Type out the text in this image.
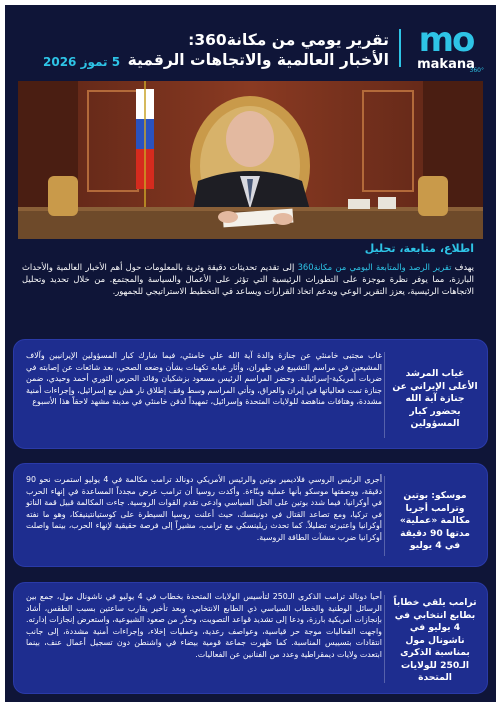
mo
makana
360°
تقرير يومي من مكانة360:
الأخبار العالمية والاتجاهات الرقمية
5 تموز 2026
اطلاع، متابعة، تحليل

يهدف تقرير الرصد والمتابعة اليومي من مكانة360 إلى تقديم تحديثات دقيقة وثرية بالمعلومات حول أهم الأخبار العالمية والأحداث البارزة، مما يوفر نظرة موجزة على التطورات الرئيسية التي تؤثر على الأعمال والسياسة والمجتمع. من خلال تحديد وتحليل الاتجاهات الرئيسية، يعزز التقرير الوعي ويدعم اتخاذ القرارات ويساعد في التخطيط الاستراتيجي للجمهور.

غياب المرشد الأعلى الإيراني عن جنازة آية الله بحضور كبار المسؤولين
غاب مجتبى خامنئي عن جنازة والدة آية الله علي خامنئي، فيما شارك كبار المسؤولين الإيرانيين وآلاف المشيعين في مراسم التشييع في طهران، وأثار غيابه تكهنات بشأن وضعه الصحي، بعد شائعات عن إصابته في ضربات أمريكية-إسرائيلية. وحضر المراسم الرئيس مسعود بزشكيان وقائد الحرس الثوري أحمد وحيدي، ضمن جنازة تمت فعالياتها في إيران والعراق، وتأتي المراسم وسط وقف إطلاق نار هش مع إسرائيل، وإجراءات أمنية مشددة، وهتافات مناهضة للولايات المتحدة وإسرائيل، تمهيداً لدفن خامنئي في مدينة مشهد لاحقاً هذا الأسبوع
موسكو: بوتين وترامب أجريا مكالمة «عملية» مدتها 90 دقيقة في 4 يوليو
أجرى الرئيس الروسي فلاديمير بوتين والرئيس الأمريكي دونالد ترامب مكالمة في 4 يوليو استمرت نحو 90 دقيقة، ووصفتها موسكو بأنها عملية وبنّاءة. وأكدت روسيا أن ترامب عرض مجدداً المساعدة في إنهاء الحرب في أوكرانيا، فيما شدد بوتين على الحل السياسي وادعى تقدم القوات الروسية. جاءت المكالمة قبيل قمة الناتو في تركيا، ومع تصاعد القتال في دونيتسك، حيث أعلنت روسيا السيطرة على كوستيانتينيفكا، وهو ما نفته أوكرانيا واعتبرته تضليلاً. كما تحدث زيلينسكي مع ترامب، مشيراً إلى فرصة حقيقية لإنهاء الحرب، بينما واصلت أوكرانيا ضرب منشآت الطاقة الروسية.
ترامب يلقي خطاباً بطابع انتخابي في 4 يوليو في ناشونال مول بمناسبة الذكرى الـ250 للولايات المتحدة
أحيا دونالد ترامب الذكرى الـ250 لتأسيس الولايات المتحدة بخطاب في 4 يوليو في ناشونال مول، جمع بين الرسائل الوطنية والخطاب السياسي ذي الطابع الانتخابي. وبعد تأخير يقارب ساعتين بسبب الطقس، أشاد بإنجازات أمريكية بارزة، ودعا إلى تشديد قواعد التصويت، وحذّر من صعود الشيوعية، واستعرض إنجازات إدارته. واجهت الفعاليات موجة حر قياسية، وعواصف رعدية، وعمليات إخلاء، وإجراءات أمنية مشددة، إلى جانب انتقادات بتسييس المناسبة. كما ظهرت جماعة قومية بيضاء في واشنطن دون تسجيل أعمال عنف، بينما ابتعدت ولايات ديمقراطية وعدد من الفنانين عن الفعاليات.
